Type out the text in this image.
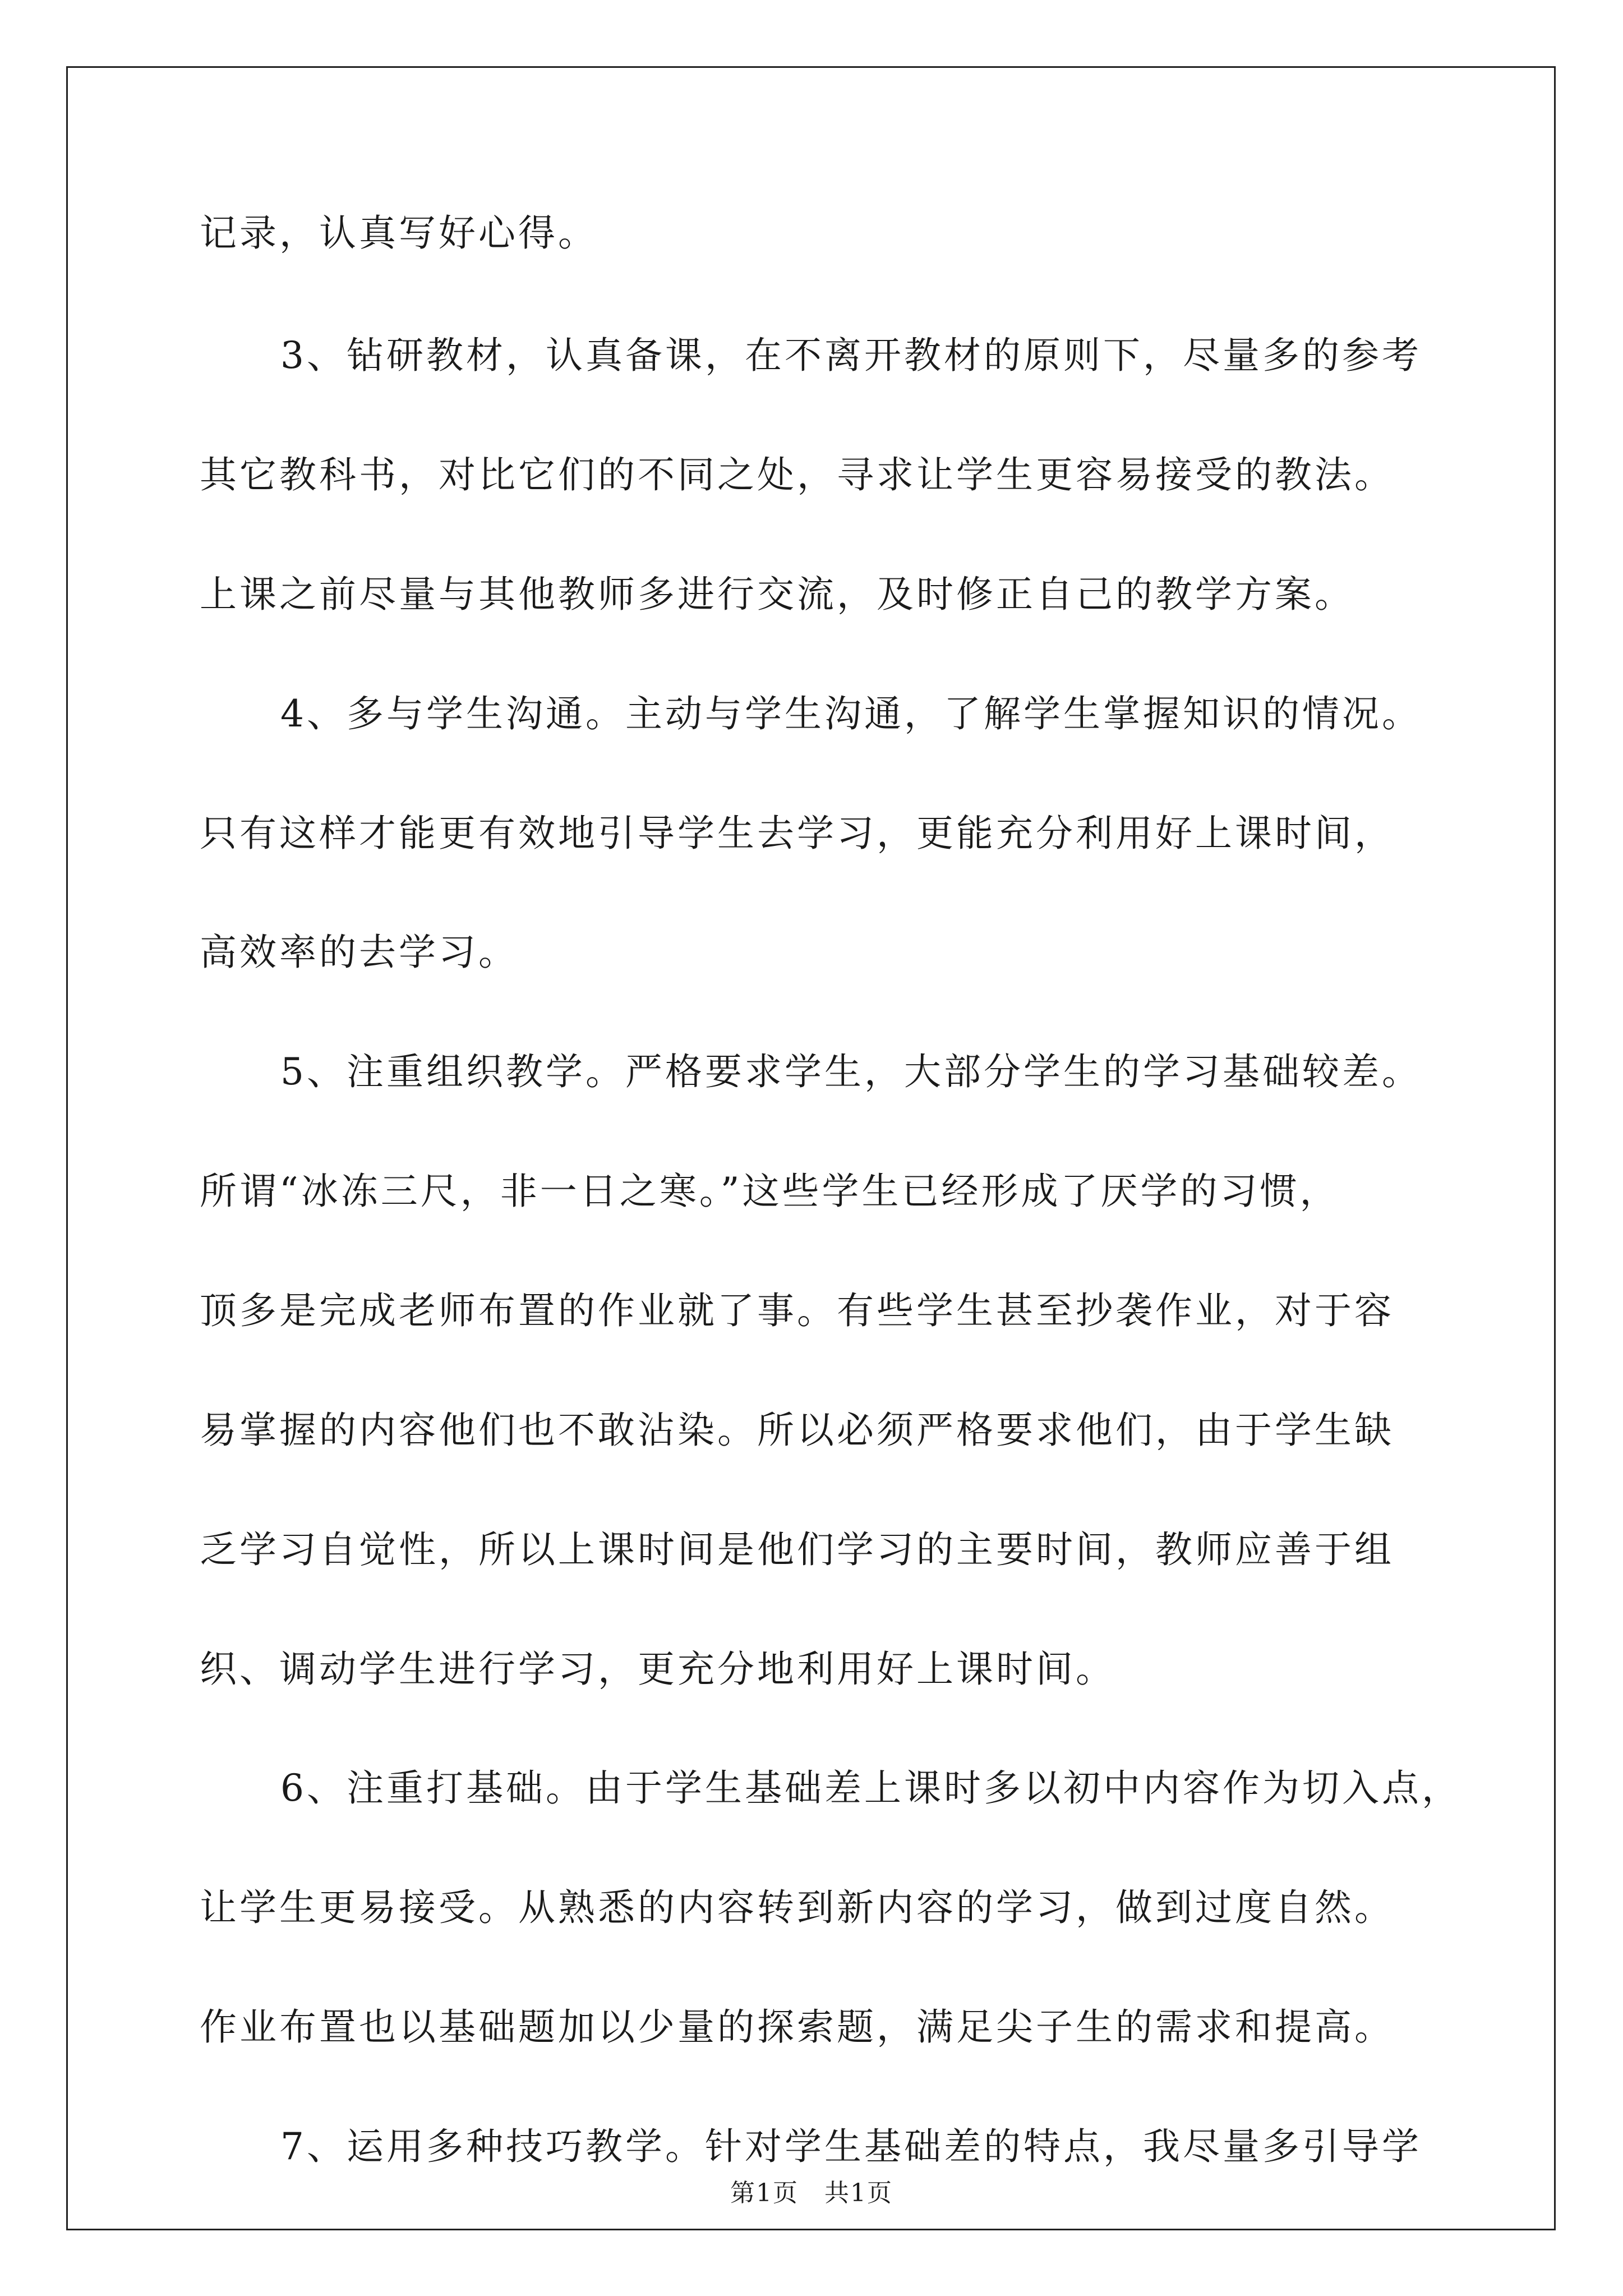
记录，认真写好心得。

3、钻研教材，认真备课，在不离开教材的原则下，尽量多的参考

其它教科书，对比它们的不同之处，寻求让学生更容易接受的教法。

上课之前尽量与其他教师多进行交流，及时修正自己的教学方案。

4、多与学生沟通。主动与学生沟通，了解学生掌握知识的情况。

只有这样才能更有效地引导学生去学习，更能充分利用好上课时间，

高效率的去学习。

5、注重组织教学。严格要求学生，大部分学生的学习基础较差。

所谓“冰冻三尺，非一日之寒。”这些学生已经形成了厌学的习惯，

顶多是完成老师布置的作业就了事。有些学生甚至抄袭作业，对于容

易掌握的内容他们也不敢沾染。所以必须严格要求他们，由于学生缺

乏学习自觉性，所以上课时间是他们学习的主要时间，教师应善于组

织、调动学生进行学习，更充分地利用好上课时间。

6、注重打基础。由于学生基础差上课时多以初中内容作为切入点，

让学生更易接受。从熟悉的内容转到新内容的学习，做到过度自然。

作业布置也以基础题加以少量的探索题，满足尖子生的需求和提高。

7、运用多种技巧教学。针对学生基础差的特点，我尽量多引导学

第1页　共1页
